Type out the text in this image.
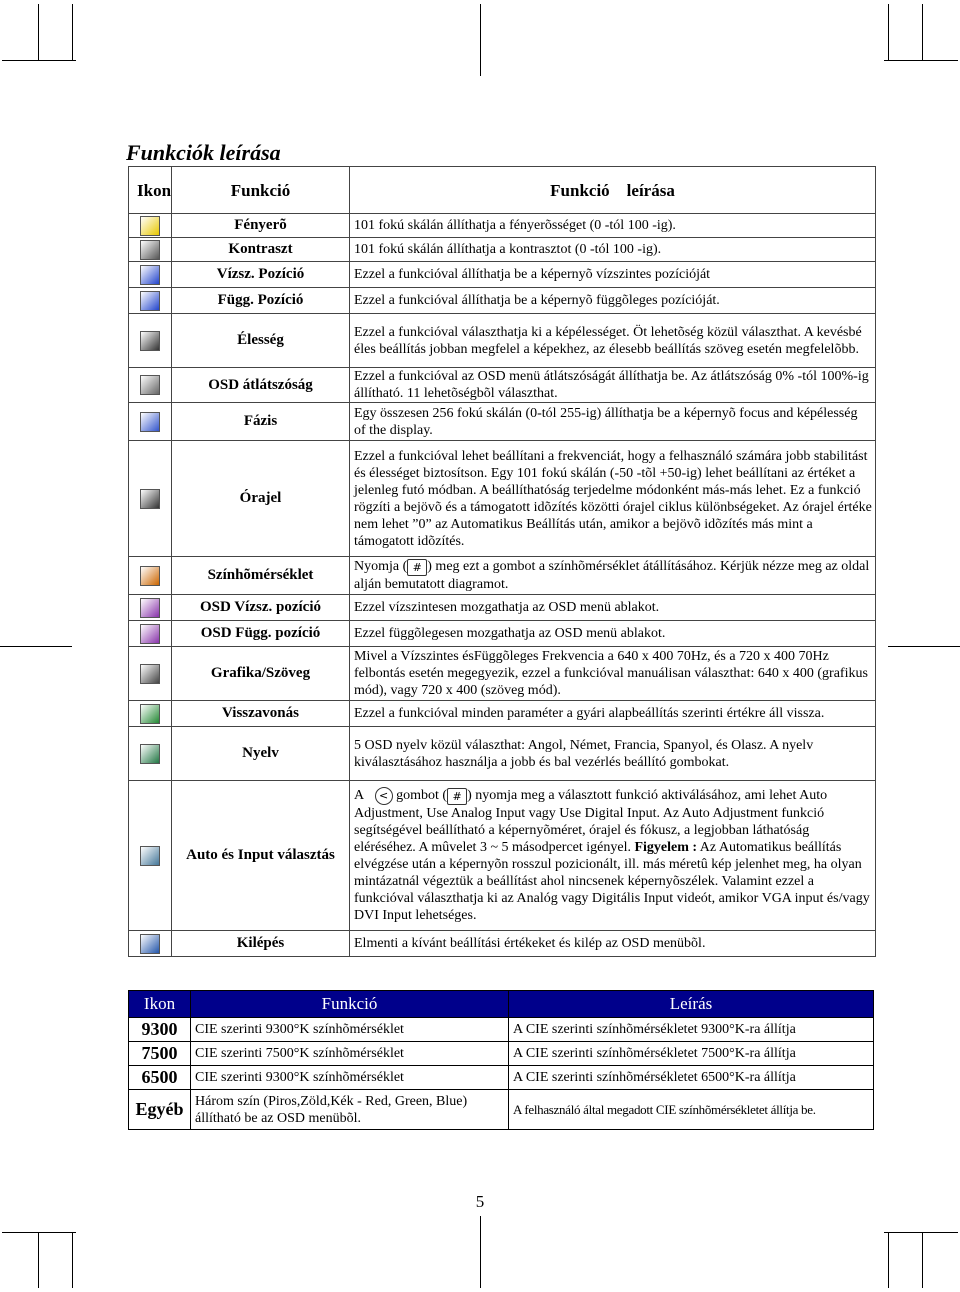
Funkciók leírása
Ikon	Funkció	Funkció    leírása
	Fényerõ	101 fokú skálán állíthatja a fényerõsséget (0 -tól 100 -ig).
	Kontraszt	101 fokú skálán állíthatja a kontrasztot (0 -tól 100 -ig).
	Vízsz. Pozíció	Ezzel a funkcióval állíthatja be a képernyõ vízszintes pozícióját
	Függ. Pozíció	Ezzel a funkcióval állíthatja be a képernyõ függõleges pozícióját.
	Élesség	Ezzel a funkcióval választhatja ki a képélességet. Öt lehetõség közül választhat. A kevésbé éles beállítás jobban megfelel a képekhez, az élesebb beállítás szöveg esetén megfelelõbb.
	OSD átlátszóság	Ezzel a funkcióval az OSD menü átlátszóságát állíthatja be. Az átlátszóság 0% -tól 100%-ig állítható. 11 lehetõségbõl választhat.
	Fázis	Egy összesen 256 fokú skálán (0-tól 255-ig) állíthatja be a képernyõ focus and képélesség of the display.
	Órajel	Ezzel a funkcióval lehet beállítani a frekvenciát, hogy a felhasználó számára jobb stabilitást és élességet biztosítson. Egy 101 fokú skálán (-50 -tõl +50-ig) lehet beállítani az értéket a jelenleg futó módban. A beállíthatóság terjedelme módonként más-más lehet. Ez a funkció rögzíti a bejövõ és a támogatott idõzítés közötti órajel ciklus különbségeket. Az órajel értéke nem lehet ”0” az Automatikus Beállítás után, amikor a bejövõ idõzítés más mint a támogatott idõzítés.
	Színhõmérséklet	Nyomja ( # ) meg ezt a gombot a színhõmérséklet átállításához. Kérjük nézze meg az oldal alján bemutatott diagramot.
	OSD Vízsz. pozíció	Ezzel vízszintesen mozgathatja az OSD menü ablakot.
	OSD Függ. pozíció	Ezzel függõlegesen mozgathatja az OSD menü ablakot.
	Grafika/Szöveg	Mivel a Vízszintes ésFüggõleges Frekvencia a 640 x 400 70Hz, és a 720 x 400 70Hz felbontás esetén megegyezik, ezzel a funkcióval manuálisan választhat: 640 x 400 (grafikus mód), vagy 720 x 400 (szöveg mód).
	Visszavonás	Ezzel a funkcióval minden paraméter a gyári alapbeállítás szerinti értékre áll vissza.
	Nyelv	5 OSD nyelv közül választhat: Angol, Német, Francia, Spanyol, és Olasz. A nyelv kiválasztásához használja a jobb és bal vezérlés beállító gombokat.
	Auto és Input választás	A < gombot ( # ) nyomja meg a választott funkció aktiválásához, ami lehet Auto Adjustment, Use Analog Input vagy Use Digital Input. Az Auto Adjustment funkció segítségével beállítható a képernyõméret, órajel és fókusz, a legjobban láthatóság eléréséhez. A mûvelet 3 ~ 5 másodpercet igényel. Figyelem : Az Automatikus beállítás elvégzése után a képernyõn rosszul pozicionált, ill. más méretû kép jelenhet meg, ha olyan mintázatnál végeztük a beállítást ahol nincsenek képernyõszélek. Valamint ezzel a funkcióval választhatja ki az Analóg vagy Digitális Input videót, amikor VGA input és/vagy DVI Input lehetséges.
	Kilépés	Elmenti a kívánt beállítási értékeket és kilép az OSD menübõl.
Ikon	Funkció	Leírás
9300	CIE szerinti 9300°K színhõmérséklet	A CIE szerinti színhõmérsékletet 9300°K-ra állítja
7500	CIE szerinti 7500°K színhõmérséklet	A CIE szerinti színhõmérsékletet 7500°K-ra állítja
6500	CIE szerinti 9300°K színhõmérséklet	A CIE szerinti színhõmérsékletet 6500°K-ra állítja
Egyéb	Három szín (Piros,Zöld,Kék - Red, Green, Blue) állítható be az OSD menübõl.	A felhasználó által megadott CIE színhõmérsékletet állítja be.
5
